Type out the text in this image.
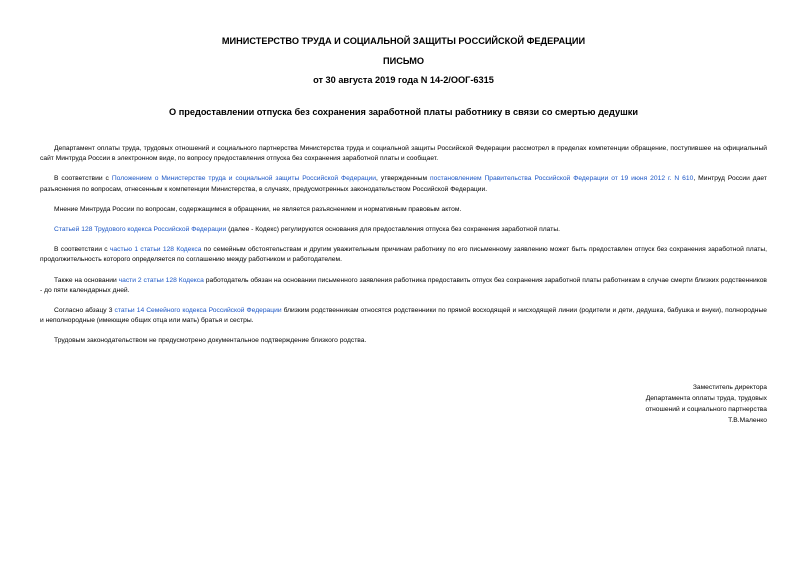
МИНИСТЕРСТВО ТРУДА И СОЦИАЛЬНОЙ ЗАЩИТЫ РОССИЙСКОЙ ФЕДЕРАЦИИ
ПИСЬМО
от 30 августа 2019 года N 14-2/ООГ-6315
О предоставлении отпуска без сохранения заработной платы работнику в связи со смертью дедушки

Департамент оплаты труда, трудовых отношений и социального партнерства Министерства труда и социальной защиты Российской Федерации рассмотрел в пределах компетенции обращение, поступившее на официальный сайт Минтруда России в электронном виде, по вопросу предоставления отпуска без сохранения заработной платы и сообщает.

В соответствии с Положением о Министерстве труда и социальной защиты Российской Федерации, утвержденным постановлением Правительства Российской Федерации от 19 июня 2012 г. N 610, Минтруд России дает разъяснения по вопросам, отнесенным к компетенции Министерства, в случаях, предусмотренных законодательством Российской Федерации.

Мнение Минтруда России по вопросам, содержащимся в обращении, не является разъяснением и нормативным правовым актом.

Статьей 128 Трудового кодекса Российской Федерации (далее - Кодекс) регулируются основания для предоставления отпуска без сохранения заработной платы.

В соответствии с частью 1 статьи 128 Кодекса по семейным обстоятельствам и другим уважительным причинам работнику по его письменному заявлению может быть предоставлен отпуск без сохранения заработной платы, продолжительность которого определяется по соглашению между работником и работодателем.

Также на основании части 2 статьи 128 Кодекса работодатель обязан на основании письменного заявления работника предоставить отпуск без сохранения заработной платы работникам в случае смерти близких родственников - до пяти календарных дней.

Согласно абзацу 3 статьи 14 Семейного кодекса Российской Федерации близким родственникам относятся родственники по прямой восходящей и нисходящей линии (родители и дети, дедушка, бабушка и внуки), полнородные и неполнородные (имеющие общих отца или мать) братья и сестры.

Трудовым законодательством не предусмотрено документальное подтверждение близкого родства.

Заместитель директора
Департамента оплаты труда, трудовых
отношений и социального партнерства
Т.В.Маленко
